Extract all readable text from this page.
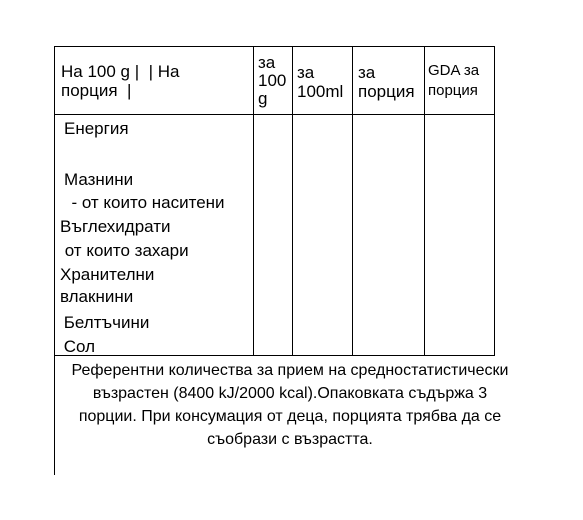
На 100 g |  | На
порция  |
за
100
g
за
100ml
за
порция
GDA за
порция
Енергия
Мазнини
- от които наситени
Въглехидрати
от които захари
Хранителни
влакнини
Белтъчини
Сол
Референтни количества за прием на средностатистически възрастен (8400 kJ/2000 kcal).Опаковката съдържа 3 порции. При консумация от деца, порцията трябва да се съобрази с възрастта.
